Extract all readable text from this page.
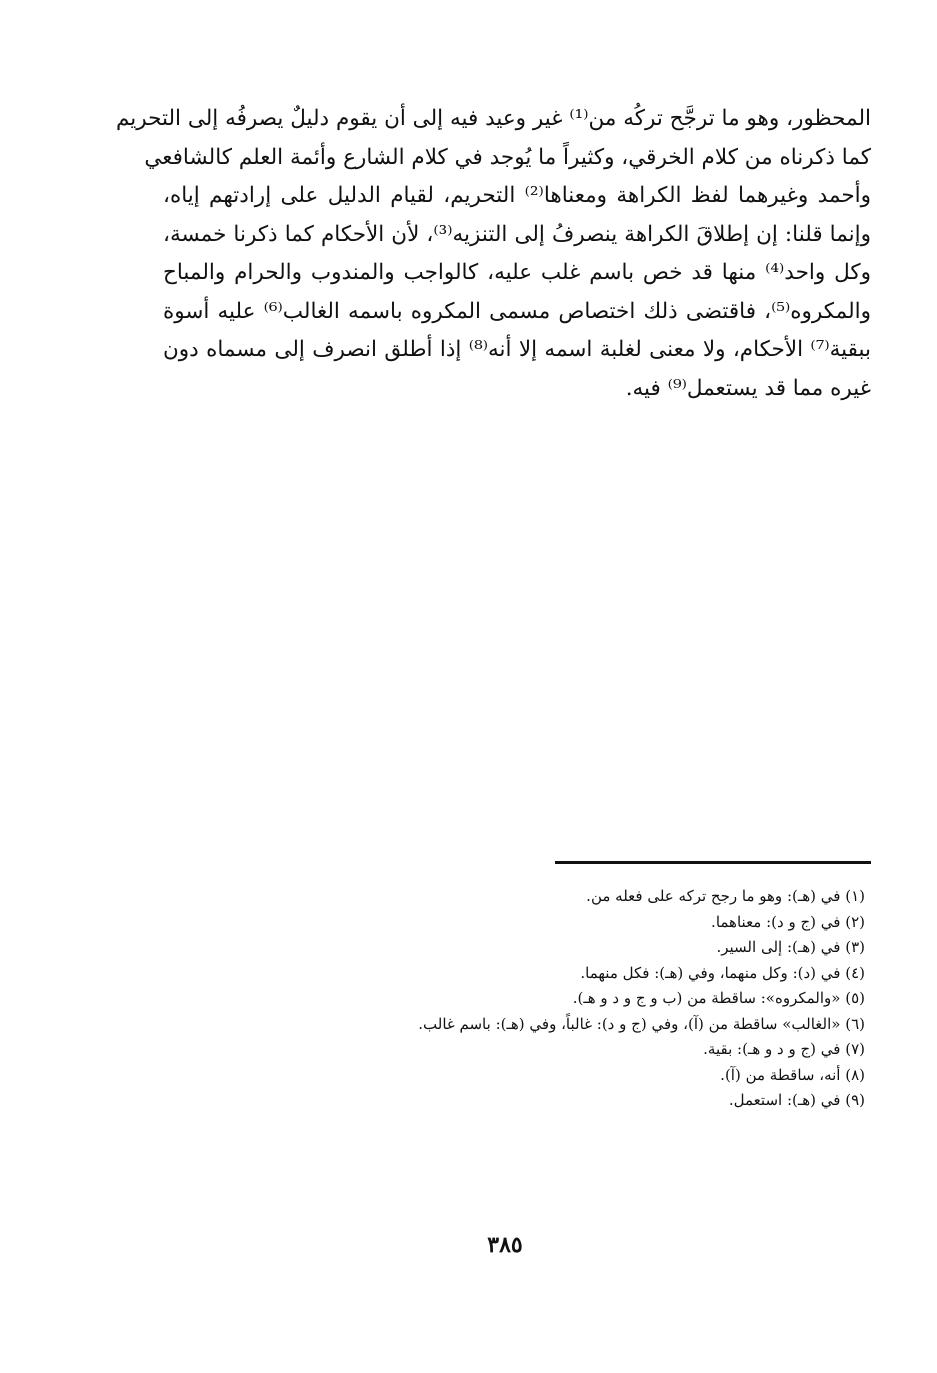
المحظور، وهو ما ترجَّح تركُه من⁽¹⁾ غير وعيد فيه إلى أن يقوم دليلٌ يصرفُه إلى التحريم
كما ذكرناه من كلام الخرقي، وكثيراً ما يُوجد في كلام الشارع وأئمة العلم كالشافعي
وأحمد وغيرهما لفظ الكراهة ومعناها⁽²⁾ التحريم، لقيام الدليل على إرادتهم إياه،
وإنما قلنا: إن إطلاقَ الكراهة ينصرفُ إلى التنزيه⁽³⁾، لأن الأحكام كما ذكرنا خمسة،
وكل واحد⁽⁴⁾ منها قد خص باسم غلب عليه، كالواجب والمندوب والحرام والمباح
والمكروه⁽⁵⁾، فاقتضى ذلك اختصاص مسمى المكروه باسمه الغالب⁽⁶⁾ عليه أسوة
ببقية⁽⁷⁾ الأحكام، ولا معنى لغلبة اسمه إلا أنه⁽⁸⁾ إذا أطلق انصرف إلى مسماه دون
غيره مما قد يستعمل⁽⁹⁾ فيه.
(١) في (هـ): وهو ما رجح تركه على فعله من.
(٢) في (ج و د): معناهما.
(٣) في (هـ): إلى السير.
(٤) في (د): وكل منهما، وفي (هـ): فكل منهما.
(٥) «والمكروه»: ساقطة من (ب و ج و د و هـ).
(٦) «الغالب» ساقطة من (آ)، وفي (ج و د): غالباً، وفي (هـ): باسم غالب.
(٧) في (ج و د و هـ): بقية.
(٨) أنه، ساقطة من (آ).
(٩) في (هـ): استعمل.

٣٨٥
